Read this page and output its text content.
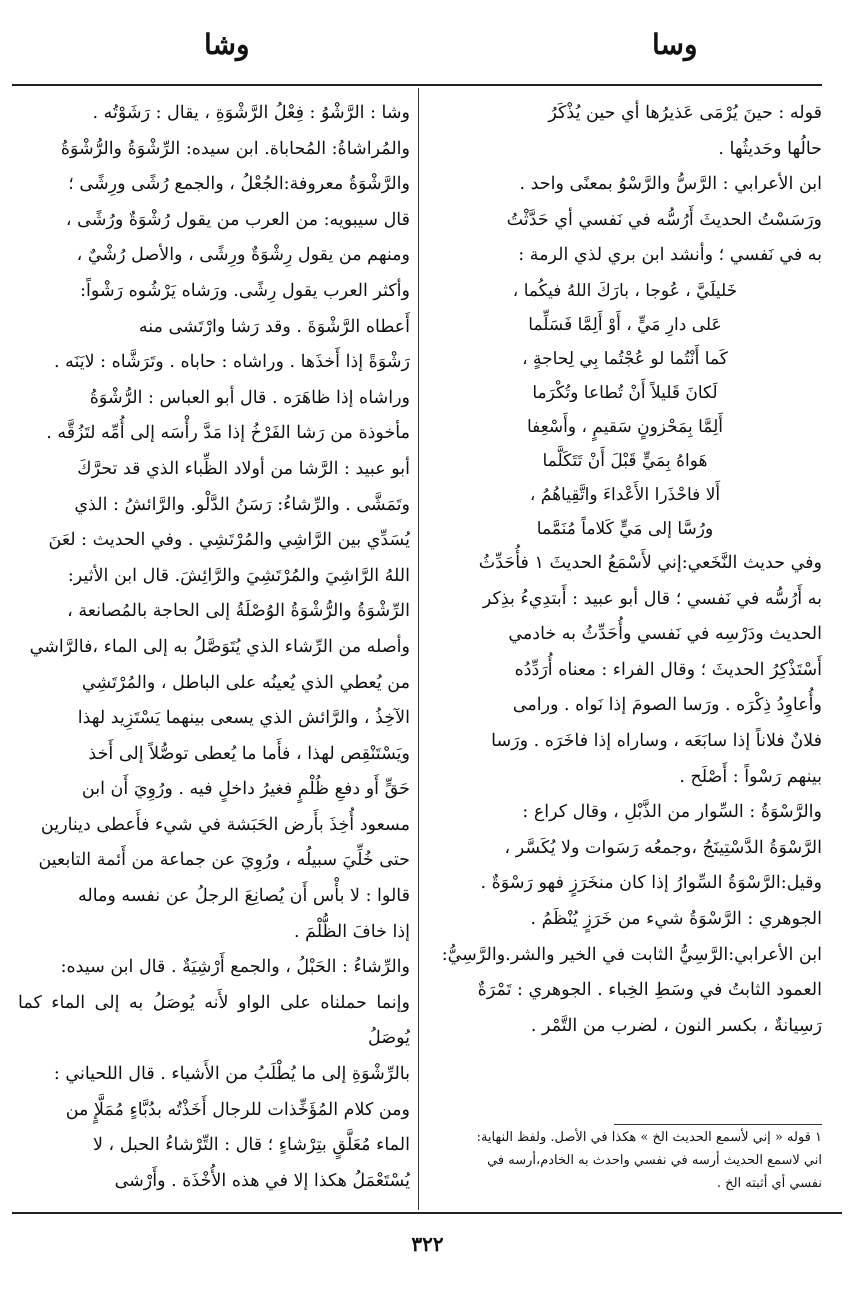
وسا
وشا

قوله : حينَ يُرْمَى عَذيرُها أي حين يُذْكَرُ

حالُها وحَديثُها .

ابن الأعرابي : الرَّسُّ والرَّسْوُ بمعنًى واحد .

ورَسَسْتُ الحديثَ أَرُسُّه في نَفسي أي حَدَّثْتُ

به في نَفسي ؛ وأنشد ابن بري لذي الرمة :

خَليلَيَّ ، عُوجا ، بارَكَ اللهُ فيكُما ،

عَلى دارِ مَيٍّ ، أَوْ أَلِمَّا فَسَلِّما

كَما أَنْتُما لو عُجْتُما بِي لِحاجةٍ ،

لَكانَ قَليلاً أَنْ تُطاعا وتُكْرَما

أَلِمَّا بِمَحْزونٍ سَقيمٍ ، وأَسْعِفا

هَواهُ بِمَيٍّ قَبْلَ أَنْ تَتَكَلَّما

أَلا فاحْذَرا الأَعْداءَ واتَّقِياهُمُ ،

ورُسَّا إلى مَيٍّ كَلاماً مُنَمَّما

وفي حديث النَّخَعي:إني لأَسْمَعُ الحديثَ ١ فأُحَدِّثُ

به أَرُسُّه في نَفسي ؛ قال أبو عبيد : أَبتدِيءُ بذِكر

الحديث ودَرْسِه في نَفسي وأُحَدِّثُ به خادمي

أَسْتَذْكِرُ الحديثَ ؛ وقال الفراء : معناه أُرَدِّدُه

وأُعاوِدُ ذِكْرَه . ورَسا الصومَ إذا نَواه . ورامى

فلانٌ فلاناً إذا سابَعَه ، وساراه إذا فاخَرَه . ورَسا

بينهم رَسْواً : أَصْلَح .

والرَّسْوَةُ : السِّوار من الذَّبْلِ ، وقال كراع :

الرَّسْوَةُ الدَّسْتِينَجُ ،وجمعُه رَسَوات ولا يُكَسَّر ،

وقيل:الرَّسْوَةُ السِّوارُ إذا كان منخَرَزٍ فهو رَسْوَةٌ .

الجوهري : الرَّسْوَةُ شيء من خَرَزٍ يُنْظَمُ .

ابن الأعرابي:الرَّسِيُّ الثابت في الخير والشر.والرَّسِيُّ:

العمود الثابتُ في وسَطِ الخِباء . الجوهري : تَمْرَةٌ

رَسِيانةٌ ، بكسر النون ، لضرب من التَّمْر .

١ قوله « إني لأسمع الحديث الخ » هكذا في الأصل. ولفظ النهاية:

اني لاسمع الحديث أرسه في نفسي واحدث به الخادم،أرسه في

نفسي أي أثبته الخ .

وشا : الرَّشْوُ : فِعْلُ الرَّشْوَةِ ، يقال : رَشَوْتُه .

والمُراشاةُ: المُحاباة. ابن سيده: الرِّشْوَةُ والرُّشْوَةُ

والرَّشْوَةُ معروفة:الجُعْلُ ، والجمع رُشًى ورِشًى ؛

قال سيبويه: من العرب من يقول رُشْوَةٌ ورُشًى ،

ومنهم من يقول رِشْوَةٌ ورِشًى ، والأصل رُشْيٌ ،

وأكثر العرب يقول رِشًى. ورَشاه يَرْشُوه رَشْواً:

أَعطاه الرَّشْوَةَ . وقد رَشا وارْتَشى منه

رَشْوَةً إذا أَخذَها . وراشاه : حاباه . وتَرَشَّاه : لايَنَه .

وراشاه إذا ظاهَرَه . قال أبو العباس : الرُّشْوَةُ

مأخوذة من رَشا الفَرْخُ إذا مَدَّ رأْسَه إلى أُمِّه لتَزُقَّه .

أبو عبيد : الرَّشا من أولاد الظِّباء الذي قد تحرَّكَ

وتَمَشَّى . والرِّشاءُ: رَسَنُ الدَّلْو. والرَّائشُ : الذي

يُسَدِّي بين الرَّاشِي والمُرْتَشِي . وفي الحديث : لعَنَ

اللهُ الرَّاشِيَ والمُرْتَشِيَ والرَّائِشَ. قال ابن الأثير:

الرِّشْوَةُ والرُّشْوَةُ الوُصْلَةُ إلى الحاجة بالمُصانعة ،

وأصله من الرِّشاء الذي يُتَوَصَّلُ به إلى الماء ،فالرَّاشي

من يُعطي الذي يُعينُه على الباطل ، والمُرْتَشِي

الآخِذُ ، والرَّائش الذي يسعى بينهما يَسْتَزِيد لهذا

ويَسْتَنْقِص لهذا ، فأَما ما يُعطى توصُّلاً إلى أَخذ

حَقٍّ أَو دفعِ ظُلْمٍ فغيرُ داخلٍ فيه . ورُوِيَ أَن ابن

مسعود أُخِذَ بأَرض الحَبَشة في شيء فأَعطى دينارين

حتى خُلِّيَ سبيلُه ، ورُوِيَ عن جماعة من أَئمة التابعين

قالوا : لا بأْس أَن يُصانِعَ الرجلُ عن نفسه وماله

إذا خافَ الظُّلْمَ .

والرِّشاءُ : الحَبْلُ ، والجمع أَرْشِيَةٌ . قال ابن سيده:

وإنما حملناه على الواو لأَنه يُوصَلُ به إلى الماء كما يُوصَلُ

بالرِّشْوَةِ إلى ما يُطْلَبُ من الأَشياء . قال اللحياني :

ومن كلام المُؤَخِّذات للرجال أَخَذْتُه بدُبَّاءٍ مُمَلَّإٍ من

الماء مُعَلَّقٍ بتِرْشاءٍ ؛ قال : التِّرْشاءُ الحبل ، لا

يُسْتَعْمَلُ هكذا إلا في هذه الأُخْذَة . وأَرْشى

٣٢٢
